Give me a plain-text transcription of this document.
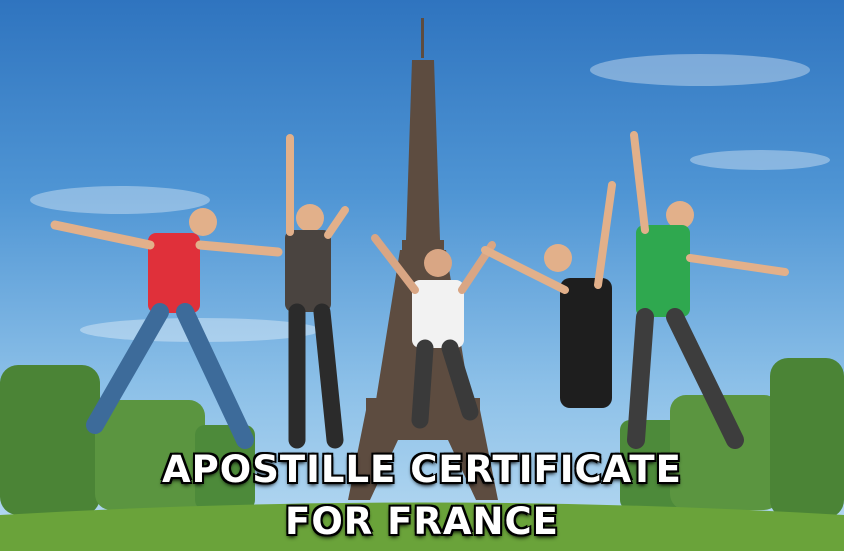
APOSTILLE CERTIFICATE
FOR FRANCE
